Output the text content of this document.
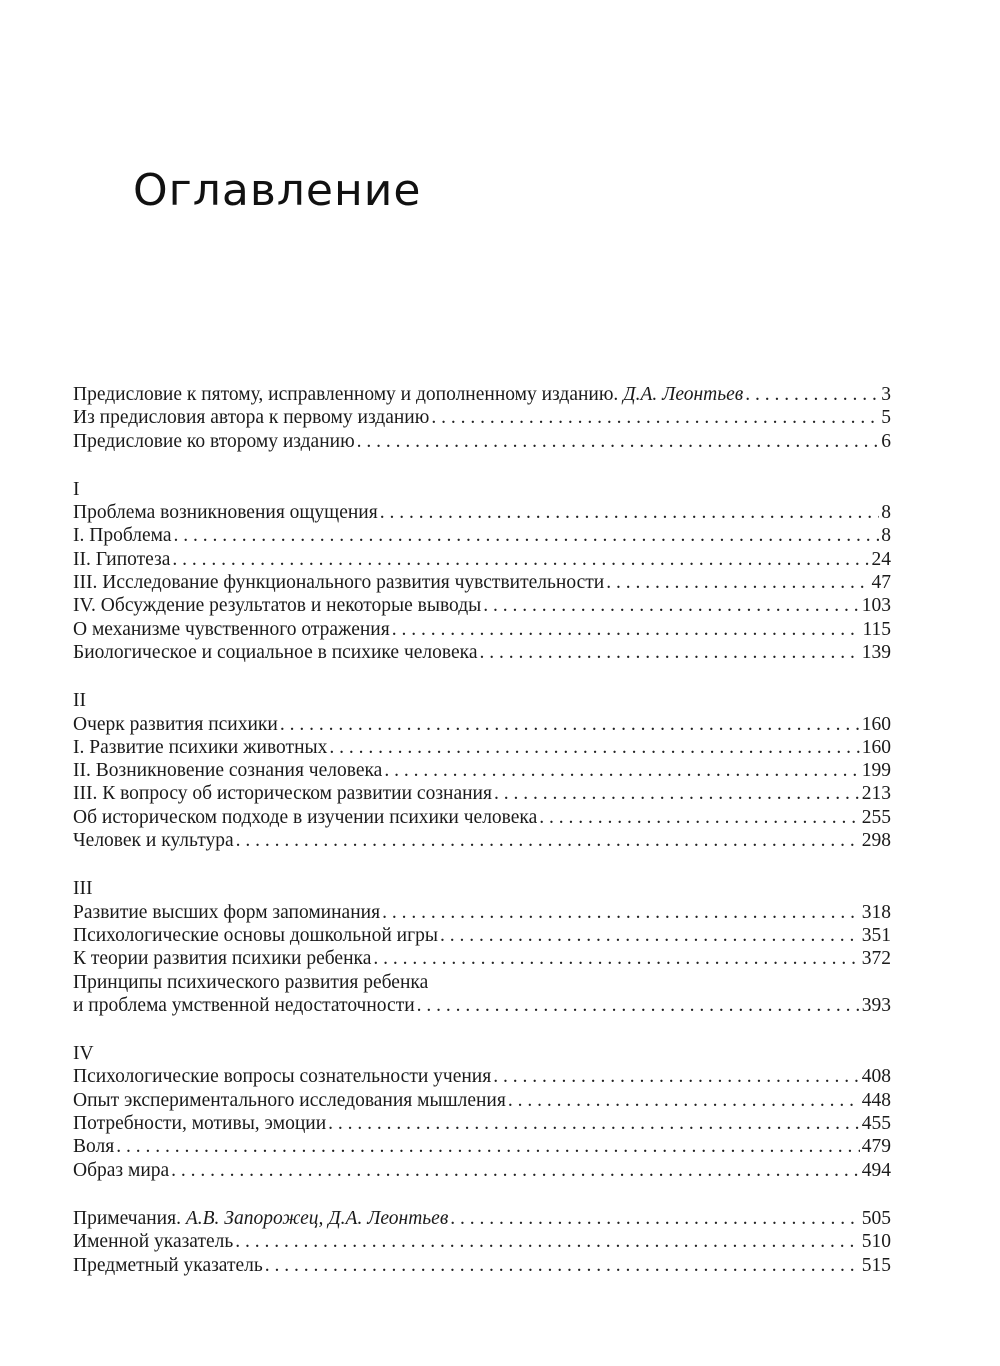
Оглавление
Предисловие к пятому, исправленному и дополненному изданию. Д.А. Леонтьев . . .	3
Из предисловия автора к первому изданию . . .	5
Предисловие ко второму изданию . . .	6
I
Проблема возникновения ощущения . . .	8
I. Проблема . . .	8
II. Гипотеза . . .	24
III. Исследование функционального развития чувствительности . . .	47
IV. Обсуждение результатов и некоторые выводы . . .	103
О механизме чувственного отражения . . .	115
Биологическое и социальное в психике человека . . .	139
II
Очерк развития психики . . .	160
I. Развитие психики животных . . .	160
II. Возникновение сознания человека . . .	199
III. К вопросу об историческом развитии сознания . . .	213
Об историческом подходе в изучении психики человека . . .	255
Человек и культура . . .	298
III
Развитие высших форм запоминания . . .	318
Психологические основы дошкольной игры . . .	351
К теории развития психики ребенка . . .	372
Принципы психического развития ребенка
и проблема умственной недостаточности . . .	393
IV
Психологические вопросы сознательности учения . . .	408
Опыт экспериментального исследования мышления . . .	448
Потребности, мотивы, эмоции . . .	455
Воля . . .	479
Образ мира . . .	494
Примечания. А.В. Запорожец, Д.А. Леонтьев . . .	505
Именной указатель . . .	510
Предметный указатель . . .	515
